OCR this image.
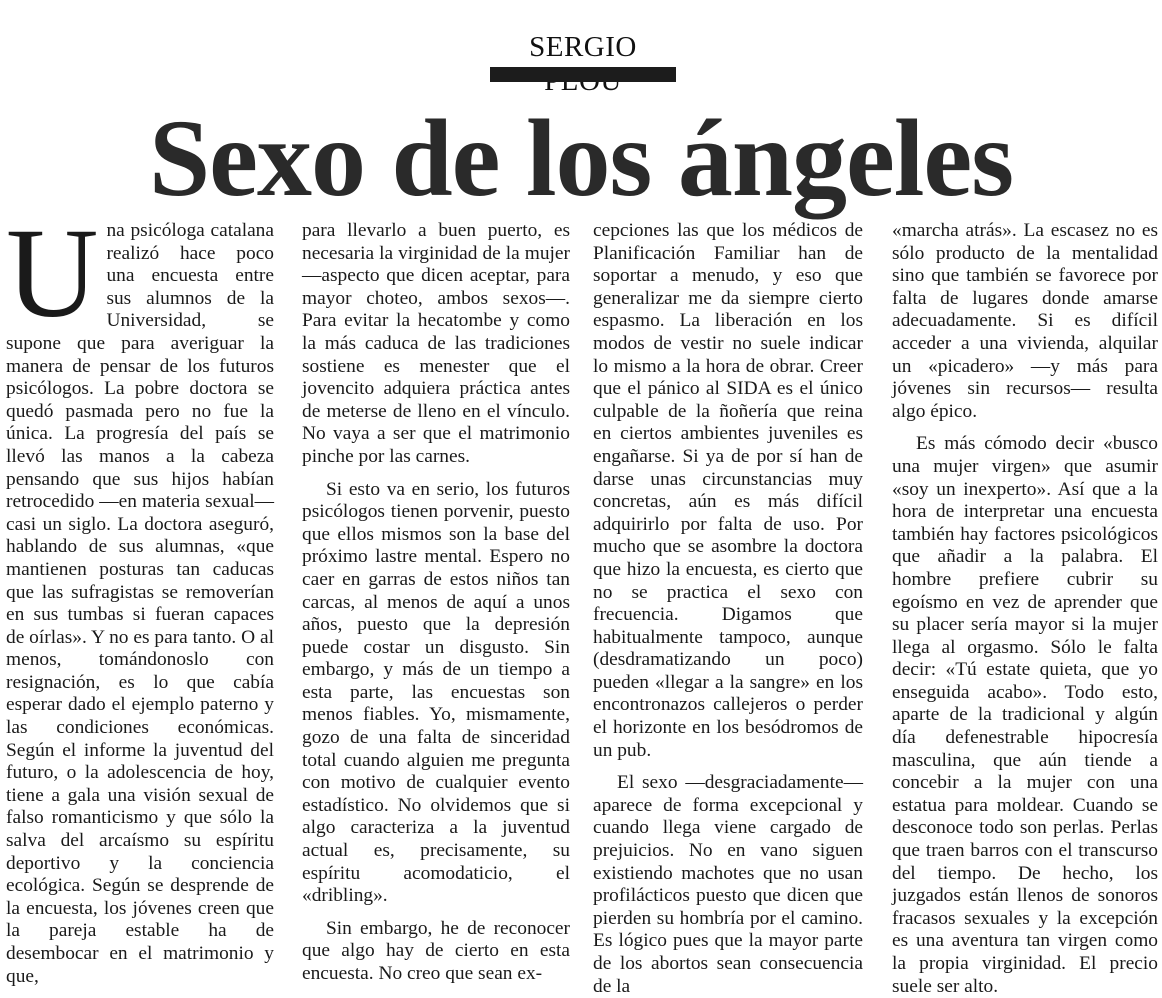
SERGIO
Sexo de los ángeles
U na psicóloga catalana realizó hace poco una encuesta entre sus alumnos de la Universidad, se supone que para averiguar la manera de pensar de los futuros psicólogos. La pobre doctora se quedó pasmada pero no fue la única. La progresía del país se llevó las manos a la cabeza pensando que sus hijos habían retrocedido —en materia sexual— casi un siglo. La doctora aseguró, hablando de sus alumnas, «que mantienen posturas tan caducas que las sufragistas se removerían en sus tumbas si fueran capaces de oírlas». Y no es para tanto. O al menos, tomándonoslo con resignación, es lo que cabía esperar dado el ejemplo paterno y las condiciones económicas. Según el informe la juventud del futuro, o la adolescencia de hoy, tiene a gala una visión sexual de falso romanticismo y que sólo la salva del arcaísmo su espíritu deportivo y la conciencia ecológica. Según se desprende de la encuesta, los jóvenes creen que la pareja estable ha de desembocar en el matrimonio y que,

para llevarlo a buen puerto, es necesaria la virginidad de la mujer —aspecto que dicen aceptar, para mayor choteo, ambos sexos—. Para evitar la hecatombe y como la más caduca de las tradiciones sostiene es menester que el jovencito adquiera práctica antes de meterse de lleno en el vínculo. No vaya a ser que el matrimonio pinche por las carnes.

Si esto va en serio, los futuros psicólogos tienen porvenir, puesto que ellos mismos son la base del próximo lastre mental. Espero no caer en garras de estos niños tan carcas, al menos de aquí a unos años, puesto que la depresión puede costar un disgusto. Sin embargo, y más de un tiempo a esta parte, las encuestas son menos fiables. Yo, mismamente, gozo de una falta de sinceridad total cuando alguien me pregunta con motivo de cualquier evento estadístico. No olvidemos que si algo caracteriza a la juventud actual es, precisamente, su espíritu acomodaticio, el «dribling».

Sin embargo, he de reconocer que algo hay de cierto en esta encuesta. No creo que sean ex-

cepciones las que los médicos de Planificación Familiar han de soportar a menudo, y eso que generalizar me da siempre cierto espasmo. La liberación en los modos de vestir no suele indicar lo mismo a la hora de obrar. Creer que el pánico al SIDA es el único culpable de la ñoñería que reina en ciertos ambientes juveniles es engañarse. Si ya de por sí han de darse unas circunstancias muy concretas, aún es más difícil adquirirlo por falta de uso. Por mucho que se asombre la doctora que hizo la encuesta, es cierto que no se practica el sexo con frecuencia. Digamos que habitualmente tampoco, aunque (desdramatizando un poco) pueden «llegar a la sangre» en los encontronazos callejeros o perder el horizonte en los besódromos de un pub.

El sexo —desgraciadamente— aparece de forma excepcional y cuando llega viene cargado de prejuicios. No en vano siguen existiendo machotes que no usan profilácticos puesto que dicen que pierden su hombría por el camino. Es lógico pues que la mayor parte de los abortos sean consecuencia de la

«marcha atrás». La escasez no es sólo producto de la mentalidad sino que también se favorece por falta de lugares donde amarse adecuadamente. Si es difícil acceder a una vivienda, alquilar un «picadero» —y más para jóvenes sin recursos— resulta algo épico.

Es más cómodo decir «busco una mujer virgen» que asumir «soy un inexperto». Así que a la hora de interpretar una encuesta también hay factores psicológicos que añadir a la palabra. El hombre prefiere cubrir su egoísmo en vez de aprender que su placer sería mayor si la mujer llega al orgasmo. Sólo le falta decir: «Tú estate quieta, que yo enseguida acabo». Todo esto, aparte de la tradicional y algún día defenestrable hipocresía masculina, que aún tiende a concebir a la mujer con una estatua para moldear. Cuando se desconoce todo son perlas. Perlas que traen barros con el transcurso del tiempo. De hecho, los juzgados están llenos de sonoros fracasos sexuales y la excepción es una aventura tan virgen como la propia virginidad. El precio suele ser alto.
